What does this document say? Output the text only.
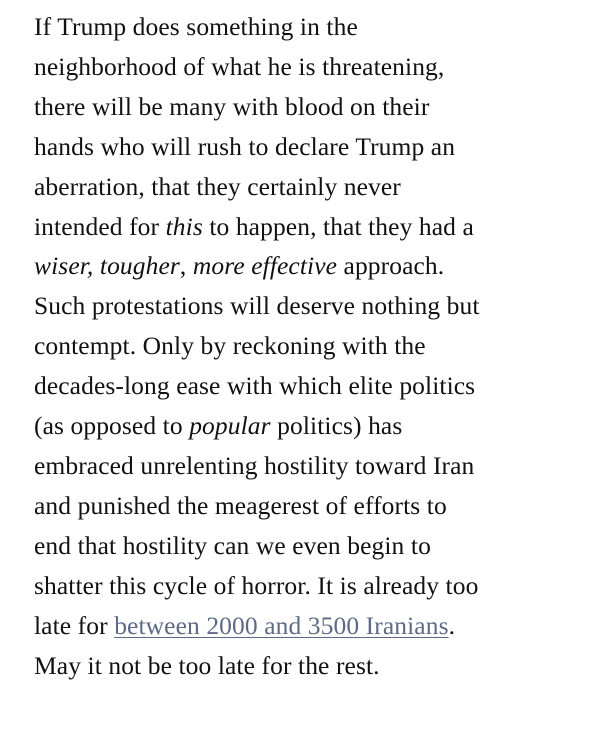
If Trump does something in the
neighborhood of what he is threatening,
there will be many with blood on their
hands who will rush to declare Trump an
aberration, that they certainly never
intended for this to happen, that they had a
wiser, tougher, more effective approach.
Such protestations will deserve nothing but
contempt. Only by reckoning with the
decades-long ease with which elite politics
(as opposed to popular politics) has
embraced unrelenting hostility toward Iran
and punished the meagerest of efforts to
end that hostility can we even begin to
shatter this cycle of horror. It is already too
late for between 2000 and 3500 Iranians.
May it not be too late for the rest.
